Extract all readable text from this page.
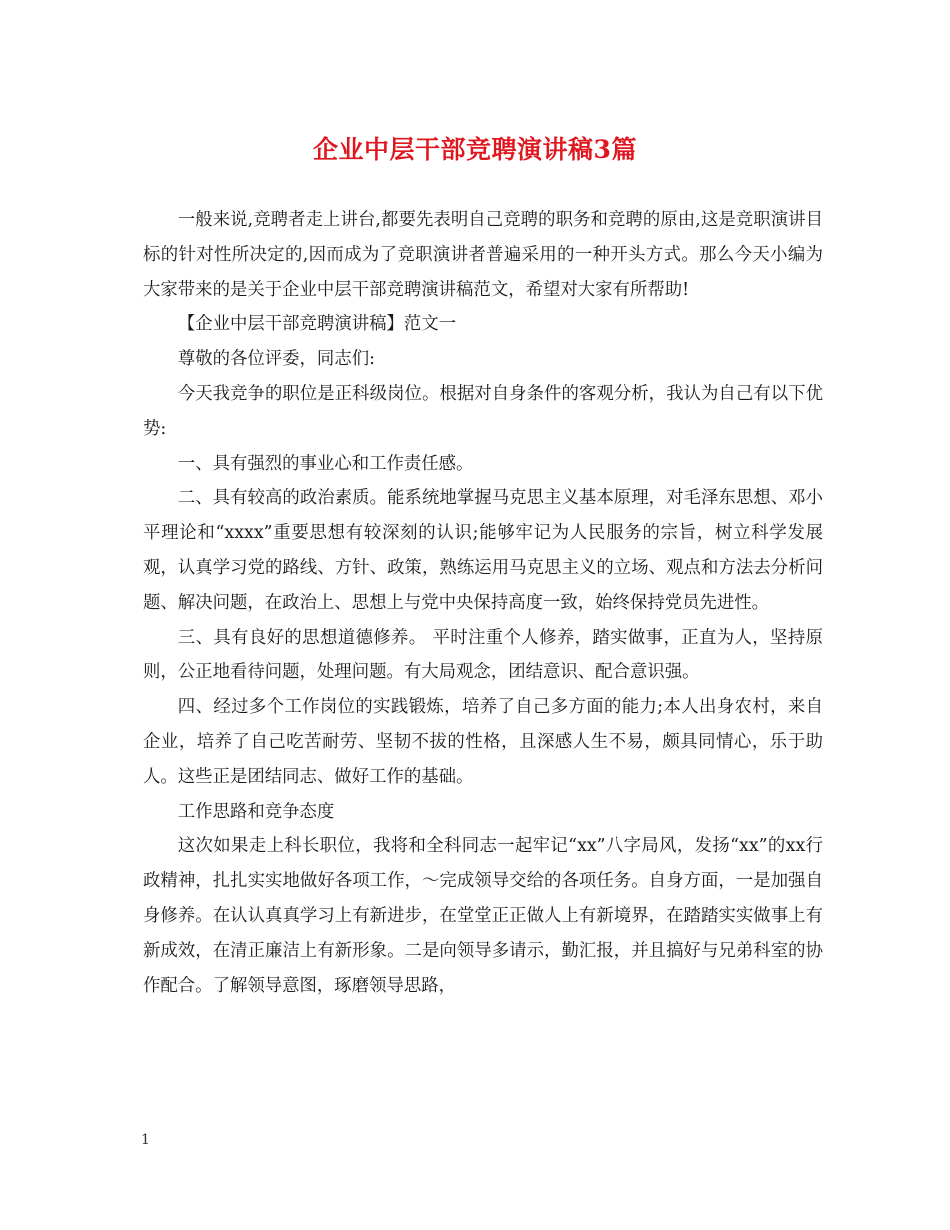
企业中层干部竞聘演讲稿3篇

一般来说,竞聘者走上讲台,都要先表明自己竞聘的职务和竞聘的原由,这是竞职演讲目标的针对性所决定的,因而成为了竞职演讲者普遍采用的一种开头方式。那么今天小编为大家带来的是关于企业中层干部竞聘演讲稿范文，希望对大家有所帮助!

【企业中层干部竞聘演讲稿】范文一

尊敬的各位评委，同志们:

今天我竞争的职位是正科级岗位。根据对自身条件的客观分析，我认为自己有以下优势:

一、具有强烈的事业心和工作责任感。

二、具有较高的政治素质。能系统地掌握马克思主义基本原理，对毛泽东思想、邓小平理论和“xxxx”重要思想有较深刻的认识;能够牢记为人民服务的宗旨，树立科学发展观，认真学习党的路线、方针、政策，熟练运用马克思主义的立场、观点和方法去分析问题、解决问题，在政治上、思想上与党中央保持高度一致，始终保持党员先进性。

三、具有良好的思想道德修养。 平时注重个人修养，踏实做事，正直为人，坚持原则，公正地看待问题，处理问题。有大局观念，团结意识、配合意识强。

四、经过多个工作岗位的实践锻炼，培养了自己多方面的能力;本人出身农村，来自企业，培养了自己吃苦耐劳、坚韧不拔的性格，且深感人生不易，颇具同情心，乐于助人。这些正是团结同志、做好工作的基础。

工作思路和竞争态度

这次如果走上科长职位，我将和全科同志一起牢记“xx”八字局风，发扬“xx”的xx行政精神，扎扎实实地做好各项工作，～完成领导交给的各项任务。自身方面，一是加强自身修养。在认认真真学习上有新进步，在堂堂正正做人上有新境界，在踏踏实实做事上有新成效，在清正廉洁上有新形象。二是向领导多请示，勤汇报，并且搞好与兄弟科室的协作配合。了解领导意图，琢磨领导思路，

1
